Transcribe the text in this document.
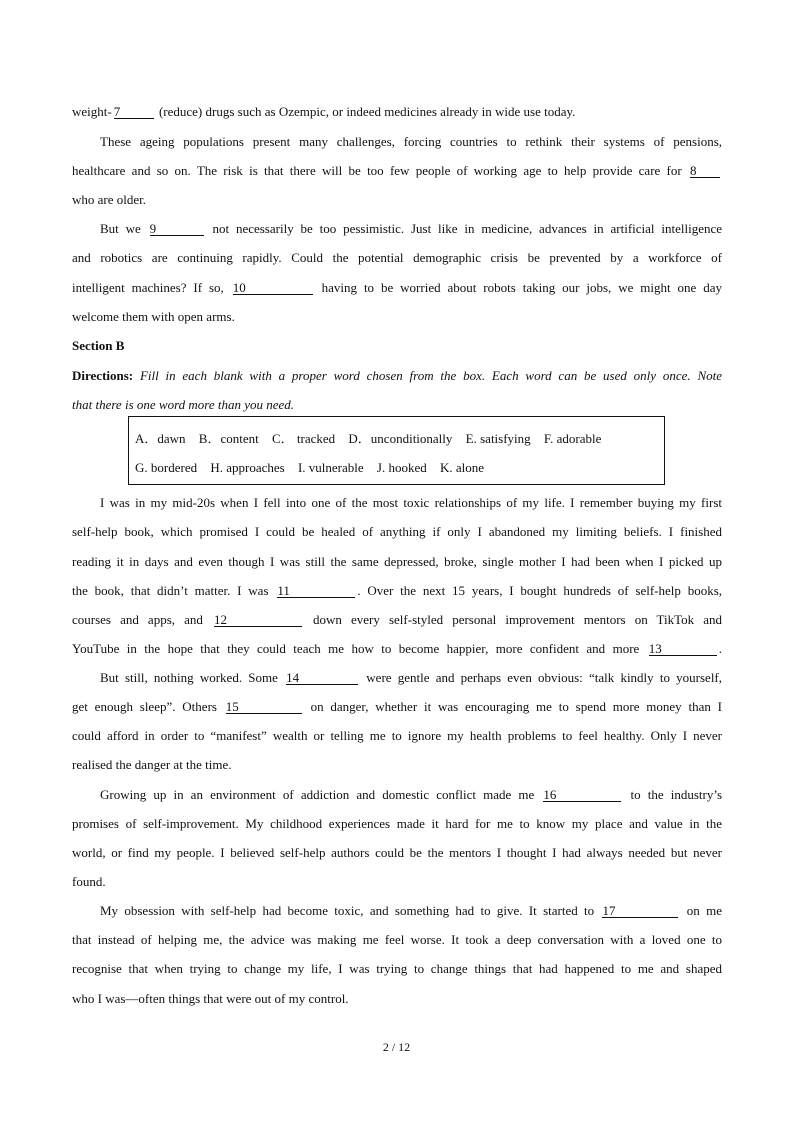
weight- 7	(reduce) drugs such as Ozempic, or indeed medicines already in wide use today.
These ageing populations present many challenges, forcing countries to rethink their systems of pensions,
healthcare and so on. The risk is that there will be too few people of working age to help provide care for 8
who are older.
But we 9	not necessarily be too pessimistic. Just like in medicine, advances in artificial intelligence
and robotics are continuing rapidly. Could the potential demographic crisis be prevented by a workforce of
intelligent machines? If so, 10	having to be worried about robots taking our jobs, we might one day
welcome them with open arms.
Section B
Directions: Fill in each blank with a proper word chosen from the box. Each word can be used only once. Note
that there is one word more than you need.
A．dawn B．content C． tracked D．unconditionally E. satisfying F. adorable
G. bordered H. approaches I. vulnerable J. hooked K. alone
I was in my mid-20s when I fell into one of the most toxic relationships of my life. I remember buying my first
self-help book, which promised I could be healed of anything if only I abandoned my limiting beliefs. I finished
reading it in days and even though I was still the same depressed, broke, single mother I had been when I picked up
the book, that didn’t matter. I was 11	. Over the next 15 years, I bought hundreds of self-help books,
courses and apps, and 12	down every self-styled personal improvement mentors on TikTok and
YouTube in the hope that they could teach me how to become happier, more confident and more 13	.
But still, nothing worked. Some 14	were gentle and perhaps even obvious: “talk kindly to yourself,
get enough sleep”. Others 15	on danger, whether it was encouraging me to spend more money than I
could afford in order to “manifest” wealth or telling me to ignore my health problems to feel healthy. Only I never
realised the danger at the time.
Growing up in an environment of addiction and domestic conflict made me 16	to the industry’s
promises of self-improvement. My childhood experiences made it hard for me to know my place and value in the
world, or find my people. I believed self-help authors could be the mentors I thought I had always needed but never
found.
My obsession with self-help had become toxic, and something had to give. It started to 17	on me
that instead of helping me, the advice was making me feel worse. It took a deep conversation with a loved one to
recognise that when trying to change my life, I was trying to change things that had happened to me and shaped
who I was—often things that were out of my control.
2 / 12
